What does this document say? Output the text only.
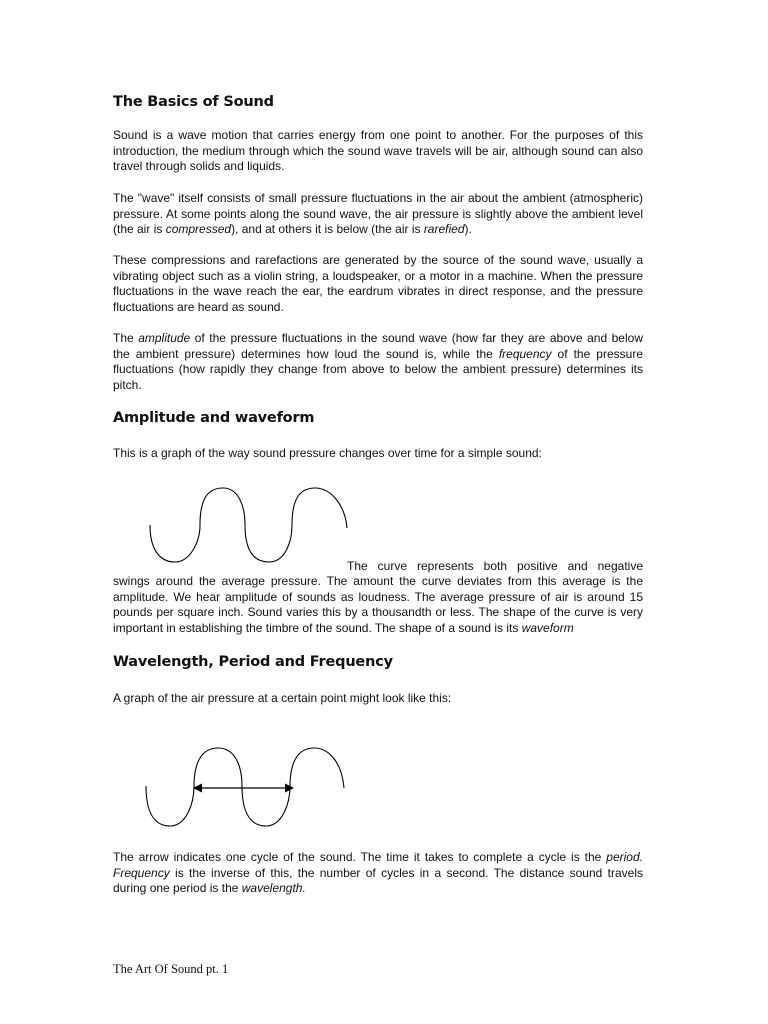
The Basics of Sound

Sound is a wave motion that carries energy from one point to another. For the purposes of this introduction, the medium through which the sound wave travels will be air, although sound can also travel through solids and liquids.

The "wave" itself consists of small pressure fluctuations in the air about the ambient (atmospheric) pressure. At some points along the sound wave, the air pressure is slightly above the ambient level (the air is compressed), and at others it is below (the air is rarefied).

These compressions and rarefactions are generated by the source of the sound wave, usually a vibrating object such as a violin string, a loudspeaker, or a motor in a machine. When the pressure fluctuations in the wave reach the ear, the eardrum vibrates in direct response, and the pressure fluctuations are heard as sound.

The amplitude of the pressure fluctuations in the sound wave (how far they are above and below the ambient pressure) determines how loud the sound is, while the frequency of the pressure fluctuations (how rapidly they change from above to below the ambient pressure) determines its pitch.

Amplitude and waveform

This is a graph of the way sound pressure changes over time for a simple sound:

The curve represents both positive and negative

swings around the average pressure. The amount the curve deviates from this average is the amplitude. We hear amplitude of sounds as loudness. The average pressure of air is around 15 pounds per square inch. Sound varies this by a thousandth or less. The shape of the curve is very important in establishing the timbre of the sound. The shape of a sound is its waveform

Wavelength, Period and Frequency

A graph of the air pressure at a certain point might look like this:

The arrow indicates one cycle of the sound. The time it takes to complete a cycle is the period. Frequency is the inverse of this, the number of cycles in a second. The distance sound travels during one period is the wavelength.

The Art Of Sound pt. 1
